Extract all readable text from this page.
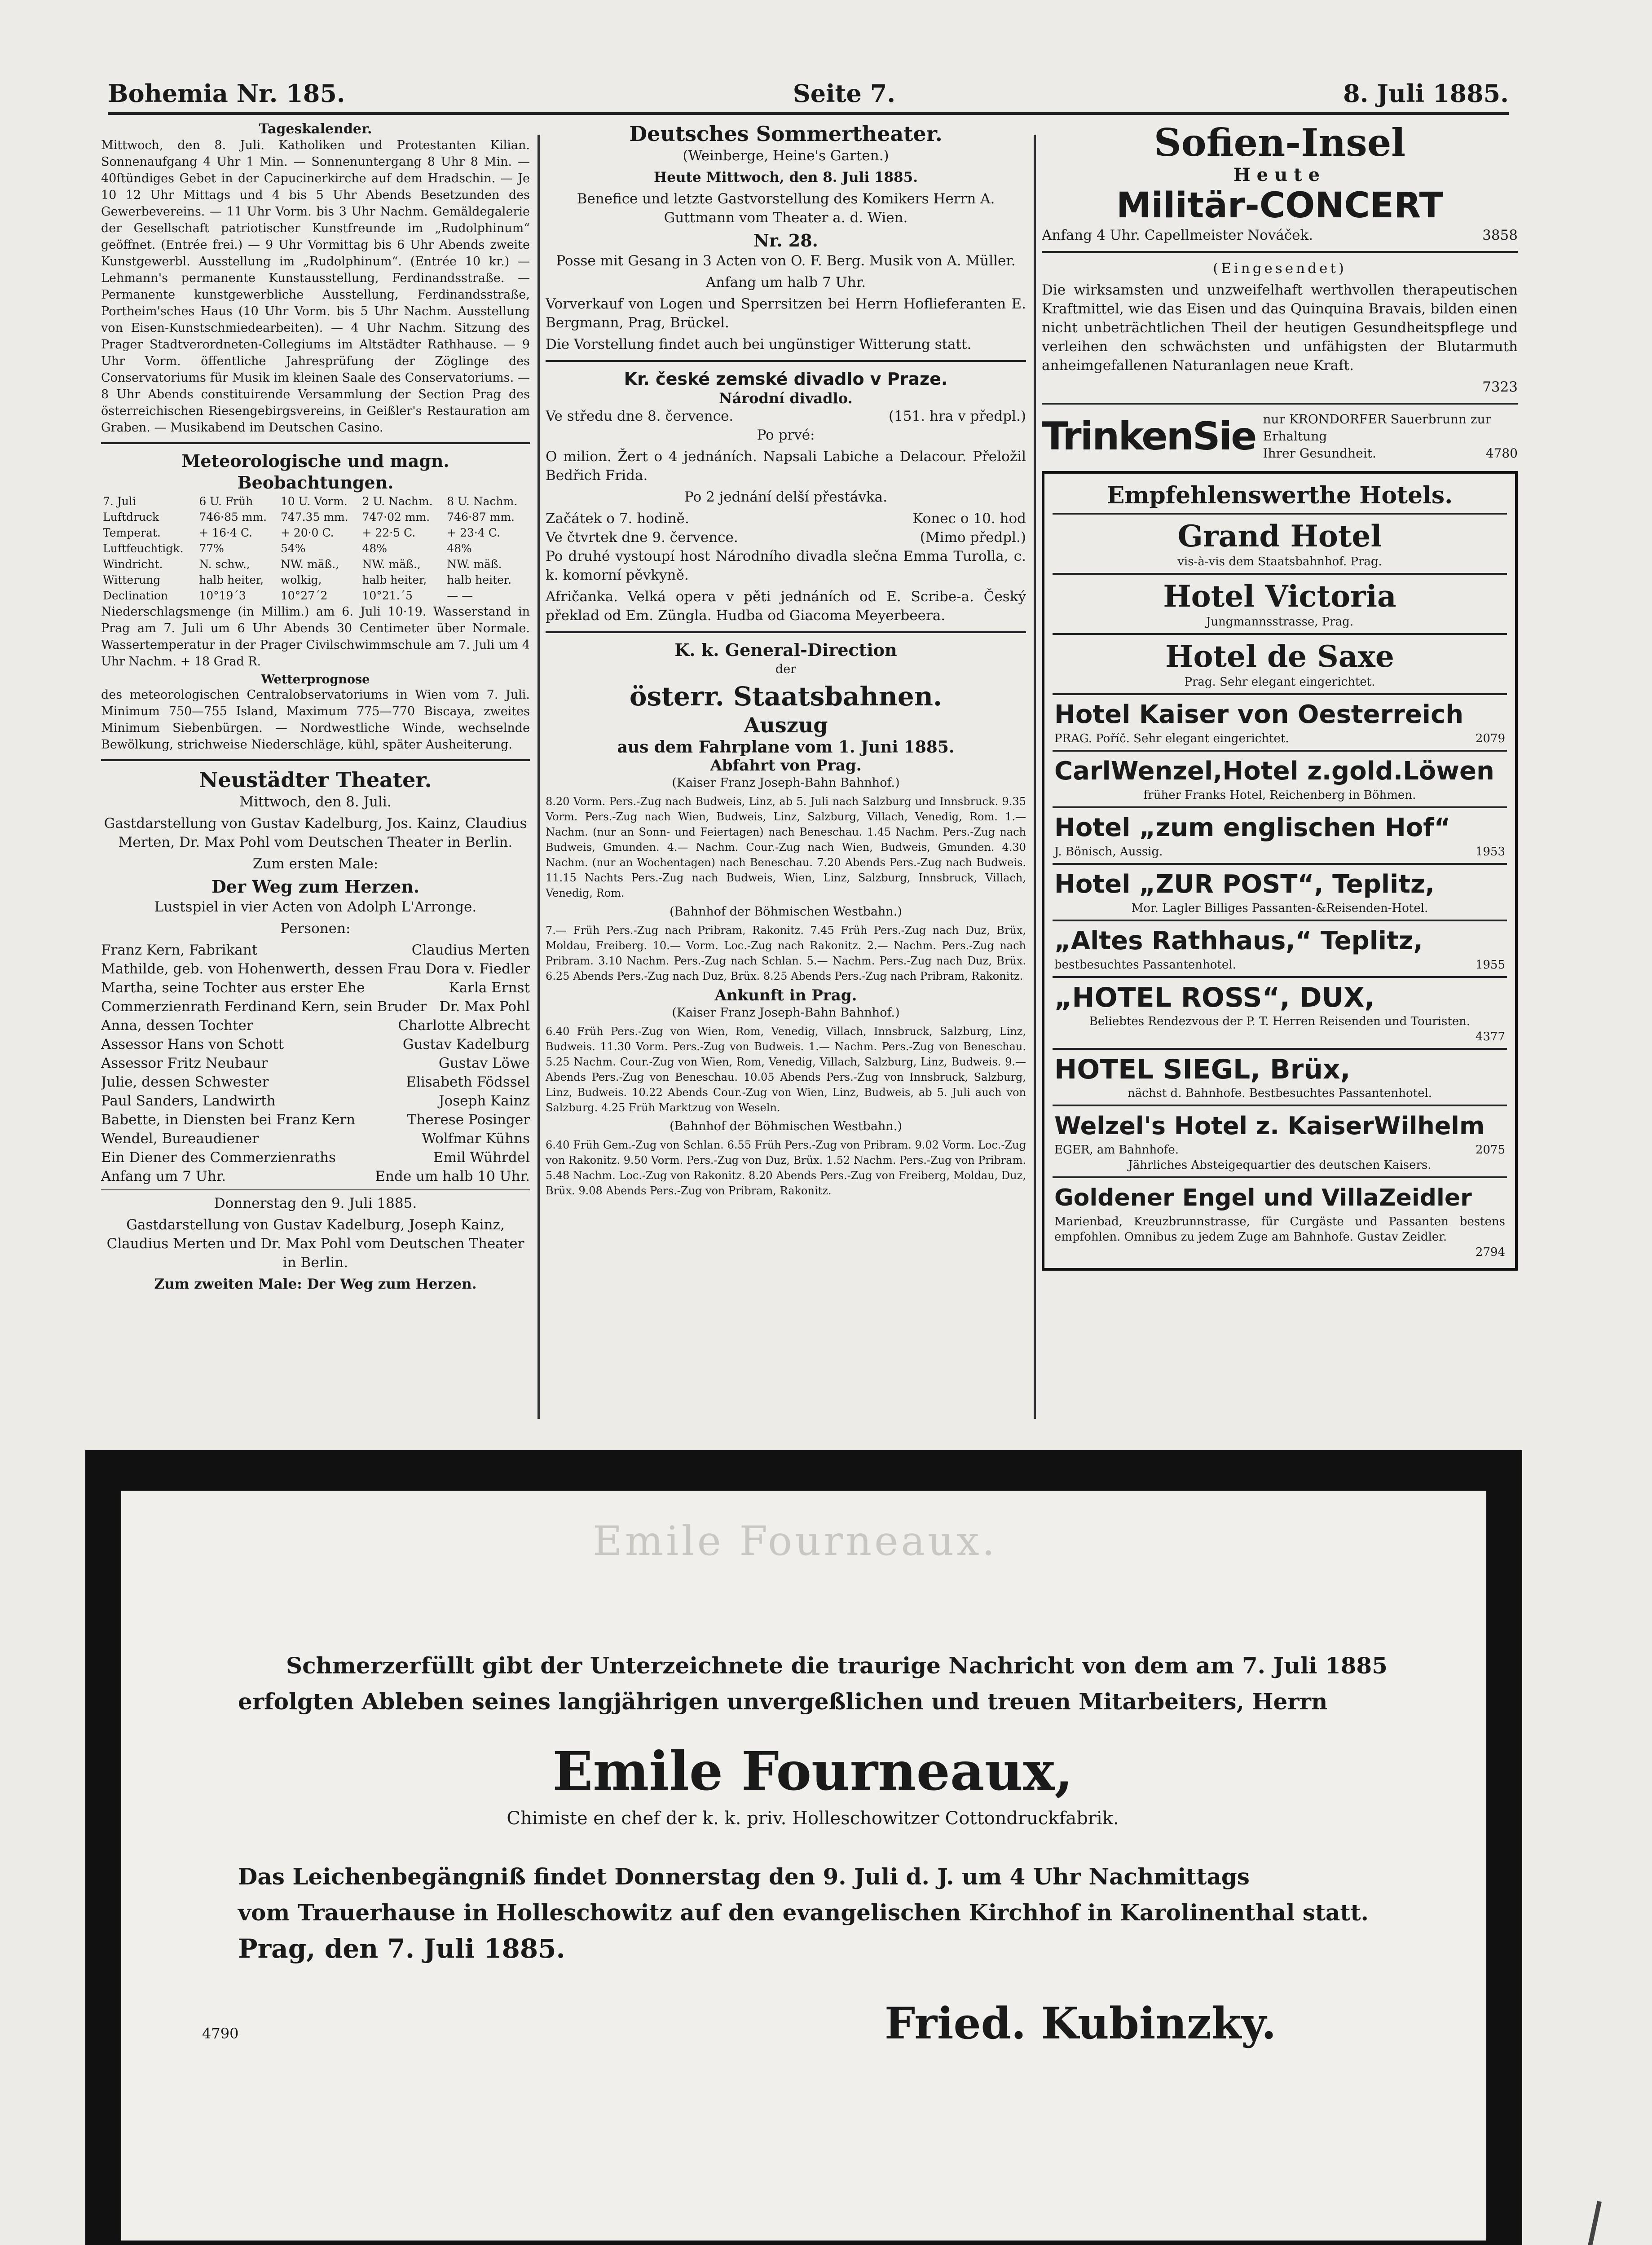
Bohemia Nr. 185.	Seite 7.	8. Juli 1885.
Tageskalender.

Mittwoch, den 8. Juli. Katholiken und Protestanten Kilian. Sonnenaufgang 4 Uhr 1 Min. — Sonnenuntergang 8 Uhr 8 Min. — 40ſtündiges Gebet in der Capucinerkirche auf dem Hradschin. — Je 10 12 Uhr Mittags und 4 bis 5 Uhr Abends Besetzunden des Gewerbevereins. — 11 Uhr Vorm. bis 3 Uhr Nachm. Gemäldegalerie der Gesellschaft patriotischer Kunstfreunde im „Rudolphinum“ geöffnet. (Entrée frei.) — 9 Uhr Vormittag bis 6 Uhr Abends zweite Kunstgewerbl. Ausstellung im „Rudolphinum“. (Entrée 10 kr.) — Lehmann's permanente Kunstausstellung, Ferdinandsstraße. — Permanente kunstgewerbliche Ausstellung, Ferdinandsstraße, Portheim'sches Haus (10 Uhr Vorm. bis 5 Uhr Nachm. Ausstellung von Eisen-Kunstschmiedearbeiten). — 4 Uhr Nachm. Sitzung des Prager Stadtverordneten-Collegiums im Altstädter Rathhause. — 9 Uhr Vorm. öffentliche Jahresprüfung der Zöglinge des Conservatoriums für Musik im kleinen Saale des Conservatoriums. — 8 Uhr Abends constituirende Versammlung der Section Prag des österreichischen Riesengebirgsvereins, in Geißler's Restauration am Graben. — Musikabend im Deutschen Casino.

Meteorologische und magn. Beobachtungen.
7. Juli	6 U. Früh	10 U. Vorm.	2 U. Nachm.	8 U. Nachm.
Luftdruck	746·85 mm.	747.35 mm.	747·02 mm.	746·87 mm.
Temperat.	+ 16·4 C.	+ 20·0 C.	+ 22·5 C.	+ 23·4 C.
Luftfeuchtigk.	77%	54%	48%	48%
Windricht.	N. schw.,	NW. mäß.,	NW. mäß.,	NW. mäß.
Witterung	halb heiter,	wolkig,	halb heiter,	halb heiter.
Declination	10°19´3	10°27´2	10°21.´5	— —

Niederschlagsmenge (in Millim.) am 6. Juli 10·19. Wasserstand in Prag am 7. Juli um 6 Uhr Abends 30 Centimeter über Normale. Wassertemperatur in der Prager Civilschwimmschule am 7. Juli um 4 Uhr Nachm. + 18 Grad R.

Wetterprognose

des meteorologischen Centralobservatoriums in Wien vom 7. Juli. Minimum 750—755 Island, Maximum 775—770 Biscaya, zweites Minimum Siebenbürgen. — Nordwestliche Winde, wechselnde Bewölkung, strichweise Niederschläge, kühl, später Ausheiterung.

Neustädter Theater.
Mittwoch, den 8. Juli.

Gastdarstellung von Gustav Kadelburg, Jos. Kainz, Claudius Merten, Dr. Max Pohl vom Deutschen Theater in Berlin.

Zum ersten Male:
Der Weg zum Herzen.
Lustspiel in vier Acten von Adolph L'Arronge.
Personen:
Franz Kern, Fabrikant	Claudius Merten
Mathilde, geb. von Hohenwerth, dessen Frau Dora v. Fiedler
Martha, seine Tochter aus erster Ehe	Karla Ernst
Commerzienrath Ferdinand Kern, sein Bruder Dr. Max Pohl
Anna, dessen Tochter	Charlotte Albrecht
Assessor Hans von Schott	Gustav Kadelburg
Assessor Fritz Neubaur	Gustav Löwe
Julie, dessen Schwester	Elisabeth Födssel
Paul Sanders, Landwirth	Joseph Kainz
Babette, in Diensten bei Franz Kern	Therese Posinger
Wendel, Bureaudiener	Wolfmar Kühns
Ein Diener des Commerzienraths	Emil Wührdel
Anfang um 7 Uhr.	Ende um halb 10 Uhr.
Donnerstag den 9. Juli 1885.

Gastdarstellung von Gustav Kadelburg, Joseph Kainz, Claudius Merten und Dr. Max Pohl vom Deutschen Theater in Berlin.

Zum zweiten Male: Der Weg zum Herzen.
Deutsches Sommertheater.
(Weinberge, Heine's Garten.)
Heute Mittwoch, den 8. Juli 1885.

Benefice und letzte Gastvorstellung des Komikers Herrn A. Guttmann vom Theater a. d. Wien.

Nr. 28.

Posse mit Gesang in 3 Acten von O. F. Berg. Musik von A. Müller.

Anfang um halb 7 Uhr.

Vorverkauf von Logen und Sperrsitzen bei Herrn Hoflieferanten E. Bergmann, Prag, Brückel.

Die Vorstellung findet auch bei ungünstiger Witterung statt.

Kr. české zemské divadlo v Praze.
Národní divadlo.
Ve středu dne 8. července.	(151. hra v předpl.)
Po prvé:

O milion. Žert o 4 jednáních. Napsali Labiche a Delacour. Přeložil Bedřich Frida.

Po 2 jednání delší přestávka.
Začátek o 7. hodině.	Konec o 10. hod
Ve čtvrtek dne 9. července.	(Mimo předpl.)

Po druhé vystoupí host Národního divadla slečna Emma Turolla, c. k. komorní pěvkyně.

Afričanka. Velká opera v pěti jednáních od E. Scribe-a. Český překlad od Em. Züngla. Hudba od Giacoma Meyerbeera.

K. k. General-Direction
der
österr. Staatsbahnen.
Auszug
aus dem Fahrplane vom 1. Juni 1885.
Abfahrt von Prag.
(Kaiser Franz Joseph-Bahn Bahnhof.)

8.20 Vorm. Pers.-Zug nach Budweis, Linz, ab 5. Juli nach Salzburg und Innsbruck. 9.35 Vorm. Pers.-Zug nach Wien, Budweis, Linz, Salzburg, Villach, Venedig, Rom. 1.— Nachm. (nur an Sonn- und Feiertagen) nach Beneschau. 1.45 Nachm. Pers.-Zug nach Budweis, Gmunden. 4.— Nachm. Cour.-Zug nach Wien, Budweis, Gmunden. 4.30 Nachm. (nur an Wochentagen) nach Beneschau. 7.20 Abends Pers.-Zug nach Budweis. 11.15 Nachts Pers.-Zug nach Budweis, Wien, Linz, Salzburg, Innsbruck, Villach, Venedig, Rom.

(Bahnhof der Böhmischen Westbahn.)

7.— Früh Pers.-Zug nach Pribram, Rakonitz. 7.45 Früh Pers.-Zug nach Duz, Brüx, Moldau, Freiberg. 10.— Vorm. Loc.-Zug nach Rakonitz. 2.— Nachm. Pers.-Zug nach Pribram. 3.10 Nachm. Pers.-Zug nach Schlan. 5.— Nachm. Pers.-Zug nach Duz, Brüx. 6.25 Abends Pers.-Zug nach Duz, Brüx. 8.25 Abends Pers.-Zug nach Pribram, Rakonitz.

Ankunft in Prag.
(Kaiser Franz Joseph-Bahn Bahnhof.)

6.40 Früh Pers.-Zug von Wien, Rom, Venedig, Villach, Innsbruck, Salzburg, Linz, Budweis. 11.30 Vorm. Pers.-Zug von Budweis. 1.— Nachm. Pers.-Zug von Beneschau. 5.25 Nachm. Cour.-Zug von Wien, Rom, Venedig, Villach, Salzburg, Linz, Budweis. 9.— Abends Pers.-Zug von Beneschau. 10.05 Abends Pers.-Zug von Innsbruck, Salzburg, Linz, Budweis. 10.22 Abends Cour.-Zug von Wien, Linz, Budweis, ab 5. Juli auch von Salzburg. 4.25 Früh Marktzug von Weseln.

(Bahnhof der Böhmischen Westbahn.)

6.40 Früh Gem.-Zug von Schlan. 6.55 Früh Pers.-Zug von Pribram. 9.02 Vorm. Loc.-Zug von Rakonitz. 9.50 Vorm. Pers.-Zug von Duz, Brüx. 1.52 Nachm. Pers.-Zug von Pribram. 5.48 Nachm. Loc.-Zug von Rakonitz. 8.20 Abends Pers.-Zug von Freiberg, Moldau, Duz, Brüx. 9.08 Abends Pers.-Zug von Pribram, Rakonitz.

Sofien-Insel
Heute
Militär-CONCERT
Anfang 4 Uhr. Capellmeister Nováček.	3858
(Eingesendet)

Die wirksamsten und unzweifelhaft werthvollen therapeutischen Kraftmittel, wie das Eisen und das Quinquina Bravais, bilden einen nicht unbeträchtlichen Theil der heutigen Gesundheitspflege und verleihen den schwächsten und unfähigsten der Blutarmuth anheimgefallenen Naturanlagen neue Kraft.

7323
TrinkenSie nur KRONDORFER Sauerbrunn zur Erhaltung
Ihrer Gesundheit.	4780
Empfehlenswerthe Hotels.
Grand Hotel
vis-à-vis dem Staatsbahnhof. Prag.
Hotel Victoria
Jungmannsstrasse, Prag.
Hotel de Saxe
Prag. Sehr elegant eingerichtet.
Hotel Kaiser von Oesterreich
PRAG. Poříč. Sehr elegant eingerichtet.	2079
CarlWenzel,Hotel z.gold.Löwen
früher Franks Hotel, Reichenberg in Böhmen.
Hotel „zum englischen Hof“
J. Bönisch, Aussig.	1953
Hotel „ZUR POST“, Teplitz,
Mor. Lagler Billiges Passanten-&Reisenden-Hotel.
„Altes Rathhaus,“ Teplitz,
bestbesuchtes Passantenhotel.	1955
„HOTEL ROSS“, DUX,
Beliebtes Rendezvous der P. T. Herren Reisenden und Touristen.
4377
HOTEL SIEGL, Brüx,
nächst d. Bahnhofe. Bestbesuchtes Passantenhotel.
Welzel's Hotel z. KaiserWilhelm
EGER, am Bahnhofe.	2075
Jährliches Absteigequartier des deutschen Kaisers.
Goldener Engel und VillaZeidler
Marienbad, Kreuzbrunnstrasse, für Curgäste und Passanten bestens empfohlen. Omnibus zu jedem Zuge am Bahnhofe. Gustav Zeidler.
2794
Emile Fourneaux.
Schmerzerfüllt gibt der Unterzeichnete die traurige Nachricht von dem am 7. Juli 1885
erfolgten Ableben seines langjährigen unvergeßlichen und treuen Mitarbeiters, Herrn
Emile Fourneaux,
Chimiste en chef der k. k. priv. Holleschowitzer Cottondruckfabrik.
Das Leichenbegängniß findet Donnerstag den 9. Juli d. J. um 4 Uhr Nachmittags
vom Trauerhause in Holleschowitz auf den evangelischen Kirchhof in Karolinenthal statt.
Prag, den 7. Juli 1885.
4790	Fried. Kubinzky.
